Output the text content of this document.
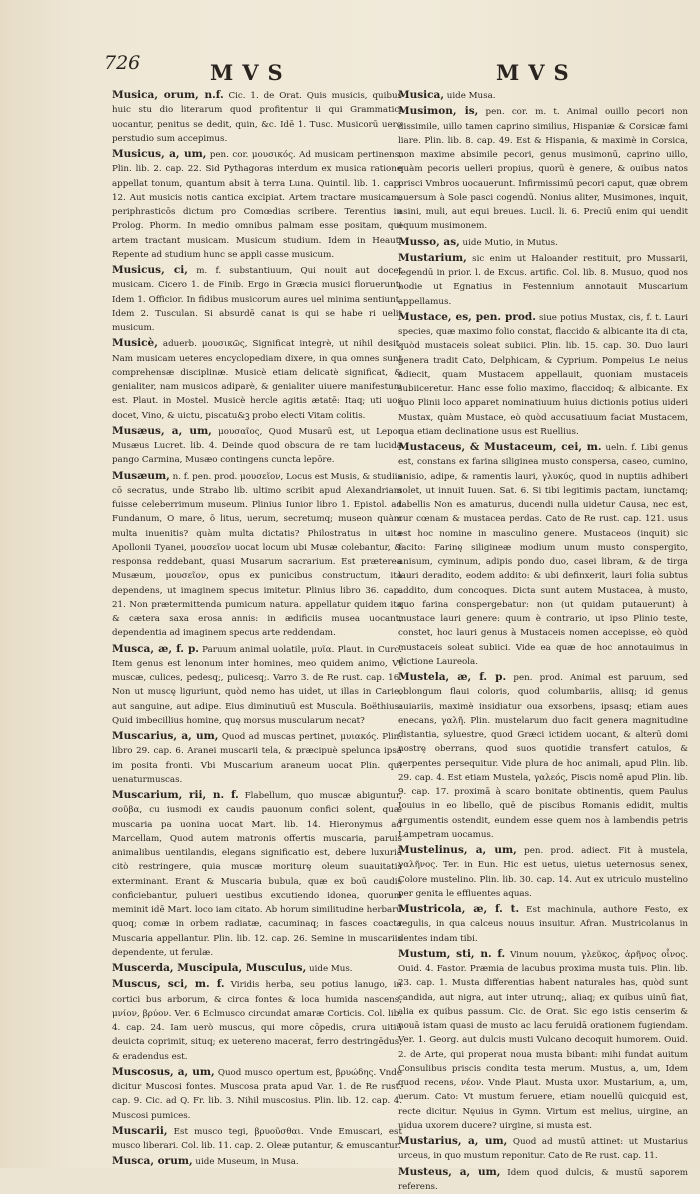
726	MVS	MVS

Musica, orum, n.f. Cic. 1. de Orat. Quis musicis, quibus huic stu dio literarum quod profitentur ii qui Grammatici uocantur, penitus se dedit, quin, &c. Idē 1. Tusc. Musicorū uero perstudio sum accepimus.

Musicus, a, um, pen. cor. μουσικός. Ad musicam pertinens, Plin. lib. 2. cap. 22. Sid Pythagoras interdum ex musica ratione appellat tonum, quantum absit à terra Luna. Quintil. lib. 1. cap. 12. Aut musicis notis cantica excipiat. Artem tractare musicam, periphrasticōs dictum pro Comœdias scribere. Terentius in Prolog. Phorm. In medio omnibus palmam esse positam, qui artem tractant musicam. Musicum studium. Idem in Heaut. Repente ad studium hunc se appli casse musicum.

Musicus, ci, m. f. substantiuum, Qui nouit aut docet musicam. Cicero 1. de Finib. Ergo in Græcia musici floruerunt, Idem 1. Officior. In fidibus musicorum aures uel minima sentiunt. Idem 2. Tusculan. Si absurdē canat is qui se habe ri uelit musicum.

Musicè, aduerb. μουσικῶς, Significat integrè, ut nihil desit. Nam musicam ueteres encyclopediam dixere, in qua omnes sunt comprehensæ disciplinæ. Musicè etiam delicatè significat, & genialiter, nam musicos adiparè, & genialiter uiuere manifestum est. Plaut. in Mostel. Musicè hercle agitis ætatē: Itaq; uti uos docet, Vino, & uictu, piscatu&ꝫ probo electi Vitam colitis.

Musæus, a, um, μουσαῖος, Quod Musarū est, ut Lepor Musæus Lucret. lib. 4. Deinde quod obscura de re tam lucida pango Carmina, Musæo contingens cuncta lepōre.

Musæum, n. f. pen. prod. μουσεῖον, Locus est Musis, & studiis cō secratus, unde Strabo lib. ultimo scribit apud Alexandriam fuisse celeberrimum museum. Plinius Iunior libro 1. Epistol. ad Fundanum, O mare, ō litus, uerum, secretumq; museon quàm multa inuenitis? quàm multa dictatis? Philostratus in uita Apollonii Tyanei, μουσεῖον uocat locum ubi Musæ colebantur, & responsa reddebant, quasi Musarum sacrarium. Est præterea Musæum, μουσεῖον, opus ex punicibus constructum, ita dependens, ut imaginem specus imitetur. Plinius libro 36. cap. 21. Non prætermittenda pumicum natura. appellatur quidem ita & cætera saxa erosa annis: in ædificiis musea uocant, dependentia ad imaginem specus arte reddendam.

Musca, æ, f. p. Paruum animal uolatile, μυῖα. Plaut. in Curc. Item genus est lenonum inter homines, meo quidem animo, Vt muscæ, culices, pedesq;, pulicesq;. Varro 3. de Re rust. cap. 16. Non ut muscę liguriunt, quòd nemo has uidet, ut illas in Carie, aut sanguine, aut adipe. Eius diminutiuū est Muscula. Boëthius: Quid imbecillius homine, quę morsus muscularum necat?

Muscarius, a, um, Quod ad muscas pertinet, μυιακός. Plin. libro 29. cap. 6. Aranei muscarii tela, & præcipuè spelunca ipsa im posita fronti. Vbi Muscarium araneum uocat Plin. qui uenaturmuscas.

Muscarium, rii, n. f. Flabellum, quo muscæ abiguntur, σοῦβα, cu iusmodi ex caudis pauonum confici solent, quæ muscaria pa uonina uocat Mart. lib. 14. Hieronymus ad Marcellam, Quod autem matronis offertis muscaria, paruis animalibus uentilandis, elegans significatio est, debere luxuriā citò restringere, quia muscæ moriturę oleum suauitatis exterminant. Erant & Muscaria bubula, quæ ex boū caudis conficiebantur, pulueri uestibus excutiendo idonea, quorum meminit idē Mart. loco iam citato. Ab horum similitudine herbarū quoq; comæ in orbem radiatæ, cacuminaq; in fasces coacta Muscaria appellantur. Plin. lib. 12. cap. 26. Semine in muscariis dependente, ut ferulæ.

Muscerda, Muscipula, Musculus, uide Mus.

Muscus, sci, m. f. Viridis herba, seu potius lanugo, in cortici bus arborum, & circa fontes & loca humida nascens, μνίον, βρύον. Ver. 6 Eclmusco circundat amaræ Corticis. Col. lib. 4. cap. 24. Iam uerò muscus, qui more cōpedis, crura uitiū deuicta coprimit, situq; ex uetereno macerat, ferro destringēdus, & eradendus est.

Muscosus, a, um, Quod musco opertum est, βρυώδης. Vnde dicitur Muscosi fontes. Muscosa prata apud Var. 1. de Re rust. cap. 9. Cic. ad Q. Fr. lib. 3. Nihil muscosius. Plin. lib. 12. cap. 4. Muscosi pumices.

Muscarii, Est musco tegi, βρυοῦσθαι. Vnde Emuscari, est musco liberari. Col. lib. 11. cap. 2. Oleæ putantur, & emuscantur.

Musca, orum, uide Museum, in Musa.

Musica, uide Musa.

Musimon, is, pen. cor. m. t. Animal ouillo pecori non dissimile, uillo tamen caprino similius, Hispaniæ & Corsicæ fami liare. Plin. lib. 8. cap. 49. Est & Hispania, & maximè in Corsica, non maxime absimile pecori, genus musimonū, caprino uillo, quàm pecoris uelleri propius, quorū è genere, & ouibus natos prisci Vmbros uocauerunt. Infirmissimū pecori caput, quæ obrem auersum à Sole pasci cogendū. Nonius aliter, Musimones, inquit, asini, muli, aut equi breues. Lucil. li. 6. Preciū enim qui uendit equum musimonem.

Musso, as, uide Mutio, in Mutus.

Mustarium, sic enim ut Haloander restituit, pro Mussarii, legendū in prior. l. de Excus. artific. Col. lib. 8. Musuo, quod nos hodie ut Egnatius in Festennium annotauit Muscarium appellamus.

Mustace, es, pen. prod. siue potius Mustax, cis, f. t. Lauri species, quæ maximo folio constat, flaccido & albicante ita di cta, quòd mustaceis soleat subiici. Plin. lib. 15. cap. 30. Duo lauri genera tradit Cato, Delphicam, & Cyprium. Pompeius Le neius adiecit, quam Mustacem appellauit, quoniam mustaceis subiiceretur. Hanc esse folio maximo, flaccidoq; & albicante. Ex quo Plinii loco apparet nominatiuum huius dictionis potius uideri Mustax, quàm Mustace, eò quòd accusatiuum faciat Mustacem, qua etiam declinatione usus est Ruellius.

Mustaceus, & Mustaceum, cei, m. ueln. f. Libi genus est, constans ex farina siliginea musto conspersa, caseo, cumino, anisio, adipe, & ramentis lauri, γλυκύς, quod in nuptiis adhiberi solet, ut innuit Iuuen. Sat. 6. Si tibi legitimis pactam, iunctamq; tabellis Non es amaturus, ducendi nulla uidetur Causa, nec est, cur cœnam & mustacea perdas. Cato de Re rust. cap. 121. usus est hoc nomine in masculino genere. Mustaceos (inquit) sic facito: Farinę siligineæ modium unum musto conspergito, anisum, cyminum, adipis pondo duo, casei libram, & de tirga lauri deradito, eodem addito: & ubi definxerit, lauri folia subtus addito, dum concoques. Dicta sunt autem Mustacea, à musto, quo farina conspergebatur: non (ut quidam putauerunt) à mustace lauri genere: quum è contrario, ut ipso Plinio teste, constet, hoc lauri genus à Mustaceis nomen accepisse, eò quòd mustaceis soleat subiici. Vide ea quæ de hoc annotauimus in dictione Laureola.

Mustela, æ, f. p. pen. prod. Animal est paruum, sed oblongum flaui coloris, quod columbariis, aliisq; id genus auiariis, maximè insidiatur oua exsorbens, ipsasq; etiam aues enecans, γαλῆ. Plin. mustelarum duo facit genera magnitudine distantia, syluestre, quod Græci ictidem uocant, & alterū domi nostrę oberrans, quod suos quotidie transfert catulos, & serpentes persequitur. Vide plura de hoc animali, apud Plin. lib. 29. cap. 4. Est etiam Mustela, γαλεός, Piscis nomē apud Plin. lib. 9. cap. 17. proximā à scaro bonitate obtinentis, quem Paulus Iouius in eo libello, quē de piscibus Romanis edidit, multis argumentis ostendit, eundem esse quem nos à lambendis petris Lampetram uocamus.

Mustelinus, a, um, pen. prod. adiect. Fit à mustela, γαλῆνος. Ter. in Eun. Hic est uetus, uietus ueternosus senex, Colore mustelino. Plin. lib. 30. cap. 14. Aut ex utriculo mustelino per genita le effluentes aquas.

Mustricola, æ, f. t. Est machinula, authore Festo, ex regulis, in qua calceus nouus insuitur. Afran. Mustricolanus in dentes indam tibi.

Mustum, sti, n. f. Vinum nouum, γλεῦκος, ἀρῆνος οἶνος. Ouid. 4. Fastor. Præmia de lacubus proxima musta tuis. Plin. lib. 23. cap. 1. Musta differentias habent naturales has, quòd sunt candida, aut nigra, aut inter utrunq;, aliaq; ex quibus uinū fiat, alia ex quibus passum. Cic. de Orat. Sic ego istis censerim & nouā istam quasi de musto ac lacu feruidā orationem fugiendam. Ver. 1. Georg. aut dulcis musti Vulcano decoquit humorem. Ouid. 2. de Arte, qui properat noua musta bibant: mihi fundat auitum Consulibus priscis condita testa merum. Mustus, a, um, Idem quod recens, νέον. Vnde Plaut. Musta uxor. Mustarium, a, um, uerum. Cato: Vt mustum feruere, etiam nouellū quicquid est, recte dicitur. Nęuius in Gymn. Virtum est melius, uirgine, an uidua uxorem ducere? uirgine, si musta est.

Mustarius, a, um, Quod ad mustū attinet: ut Mustarius urceus, in quo mustum reponitur. Cato de Re rust. cap. 11.

Musteus, a, um, Idem quod dulcis, & mustū saporem referens.
